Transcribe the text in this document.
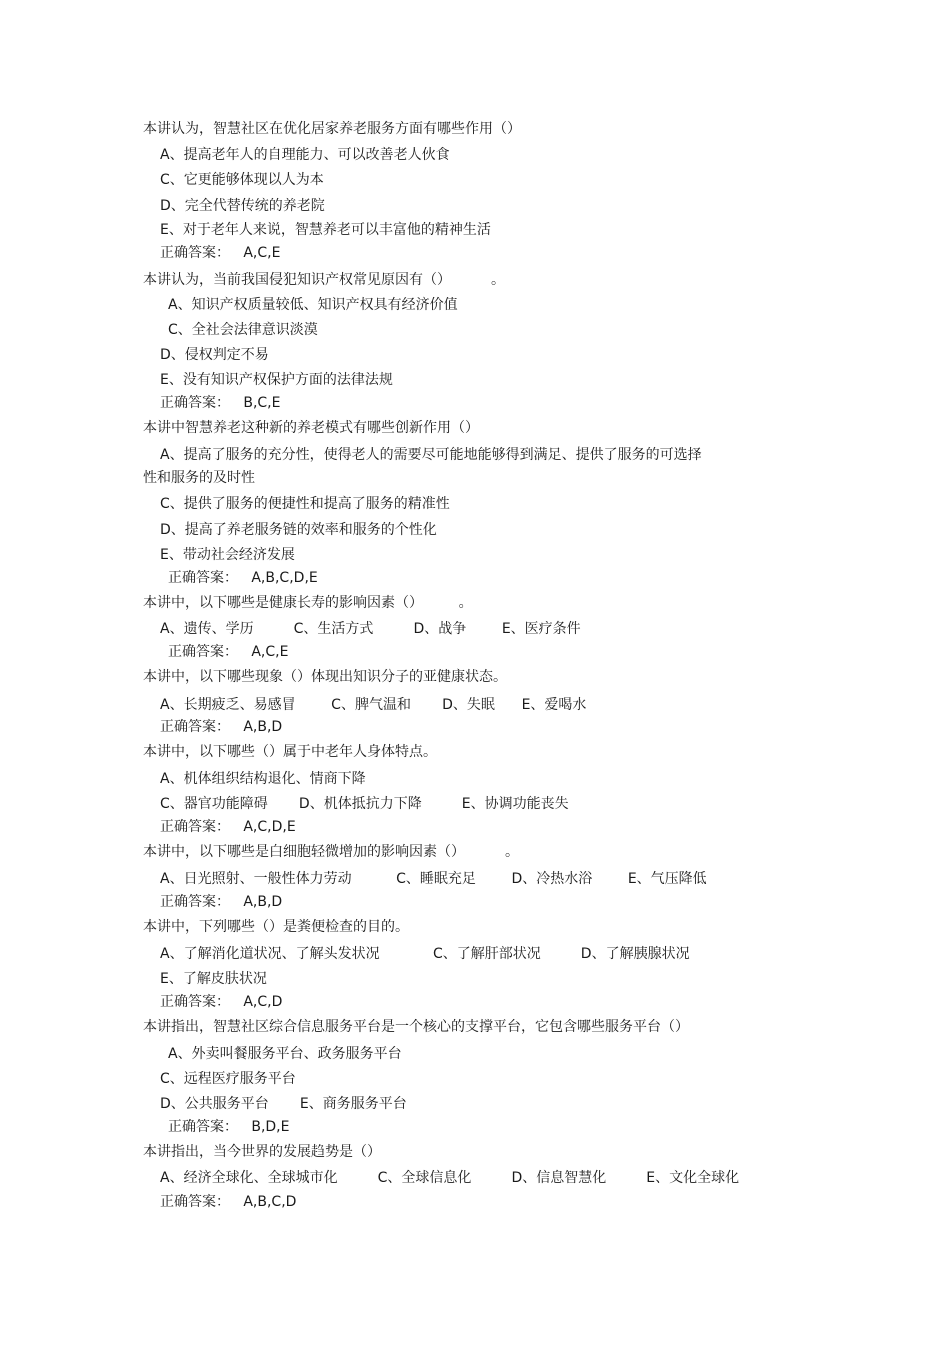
本讲认为，智慧社区在优化居家养老服务方面有哪些作用（）
A、提高老年人的自理能力、可以改善老人伙食
C、它更能够体现以人为本
D、完全代替传统的养老院
E、对于老年人来说，智慧养老可以丰富他的精神生活
正确答案：   A,C,E
本讲认为，当前我国侵犯知识产权常见原因有（）         。
A、知识产权质量较低、知识产权具有经济价值
C、全社会法律意识淡漠
D、侵权判定不易
E、没有知识产权保护方面的法律法规
正确答案：   B,C,E
本讲中智慧养老这种新的养老模式有哪些创新作用（）
A、提高了服务的充分性，使得老人的需要尽可能地能够得到满足、提供了服务的可选择
性和服务的及时性
C、提供了服务的便捷性和提高了服务的精准性
D、提高了养老服务链的效率和服务的个性化
E、带动社会经济发展
正确答案：   A,B,C,D,E
本讲中，以下哪些是健康长寿的影响因素（）        。
A、遗传、学历         C、生活方式         D、战争        E、医疗条件
正确答案：   A,C,E
本讲中，以下哪些现象（）体现出知识分子的亚健康状态。
A、长期疲乏、易感冒        C、脾气温和       D、失眠      E、爱喝水
正确答案：   A,B,D
本讲中，以下哪些（）属于中老年人身体特点。
A、机体组织结构退化、情商下降
C、器官功能障碍       D、机体抵抗力下降         E、协调功能丧失
正确答案：   A,C,D,E
本讲中，以下哪些是白细胞轻微增加的影响因素（）         。
A、日光照射、一般性体力劳动          C、睡眠充足        D、冷热水浴        E、气压降低
正确答案：   A,B,D
本讲中，下列哪些（）是粪便检查的目的。
A、了解消化道状况、了解头发状况            C、了解肝部状况         D、了解胰腺状况
E、了解皮肤状况
正确答案：   A,C,D
本讲指出，智慧社区综合信息服务平台是一个核心的支撑平台，它包含哪些服务平台（）
A、外卖叫餐服务平台、政务服务平台
C、远程医疗服务平台
D、公共服务平台       E、商务服务平台
正确答案：   B,D,E
本讲指出，当今世界的发展趋势是（）
A、经济全球化、全球城市化         C、全球信息化         D、信息智慧化         E、文化全球化
正确答案：   A,B,C,D
